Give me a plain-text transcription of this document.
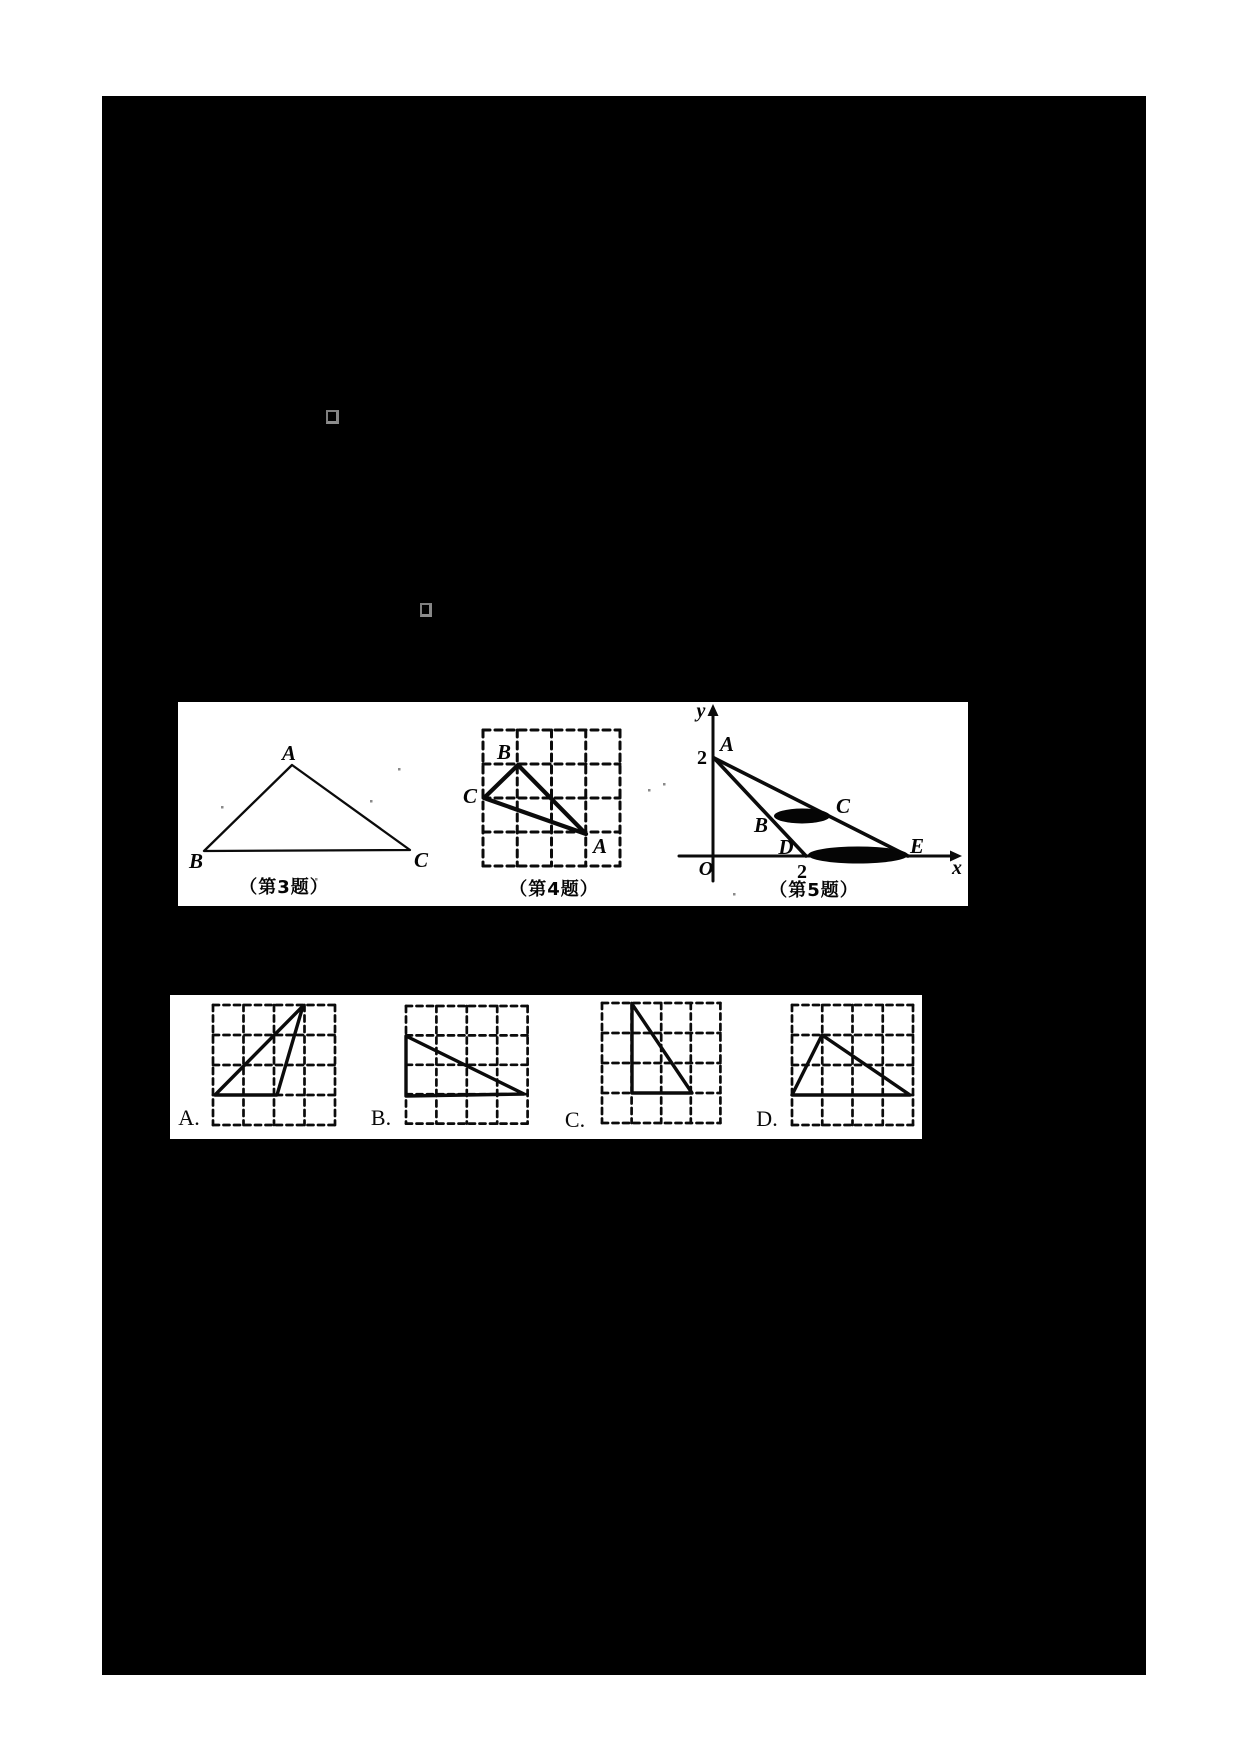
A
B	C
B
C
A
y
x
O
2
2
A
B
C
D	E
（第3题）	（第4题）	（第5题）
A.	B.	C.	D.
